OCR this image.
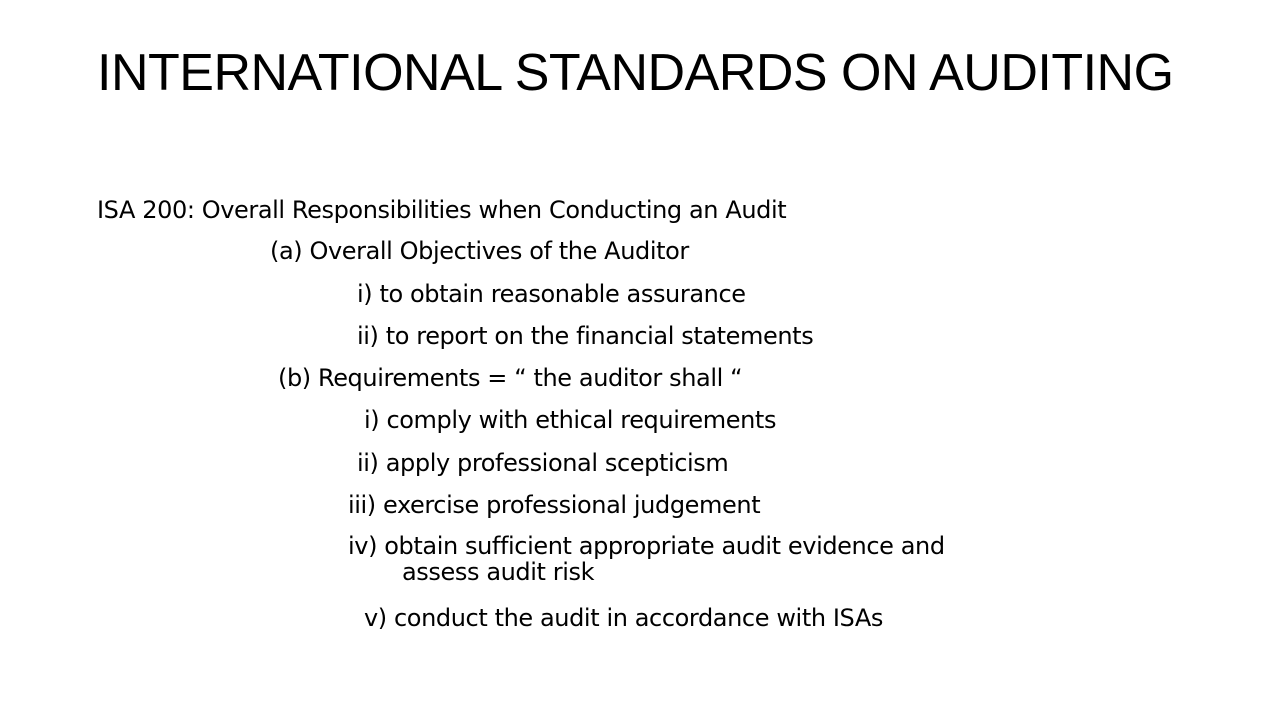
INTERNATIONAL STANDARDS ON AUDITING

ISA 200: Overall Responsibilities when Conducting an Audit

(a) Overall Objectives of the Auditor

i) to obtain reasonable assurance

ii) to report on the financial statements

(b) Requirements = “ the auditor shall “

i) comply with ethical requirements

ii) apply professional scepticism

iii) exercise professional judgement

iv) obtain sufficient appropriate audit evidence and
assess audit risk

v) conduct the audit in accordance with ISAs
